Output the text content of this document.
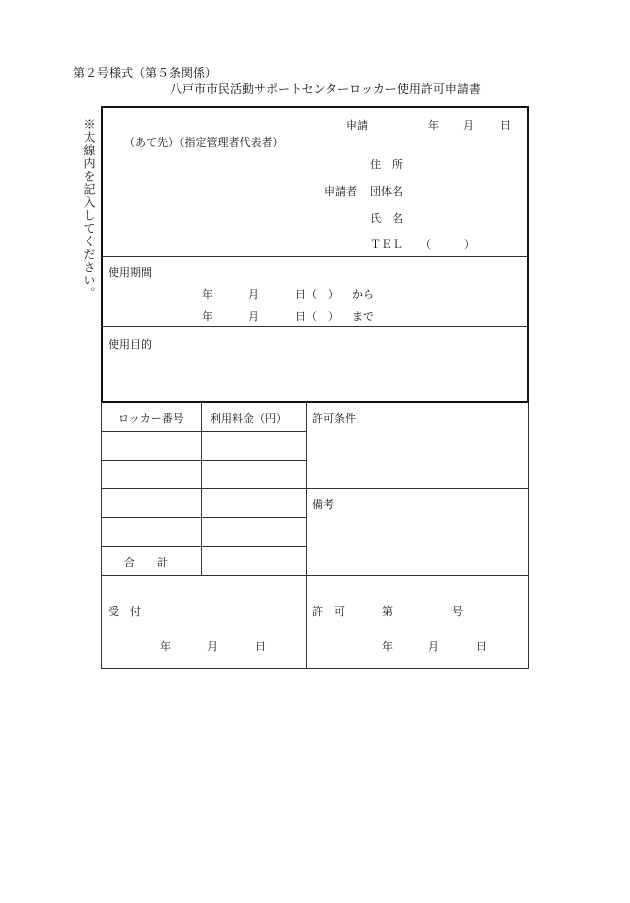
第２号様式（第５条関係）
八戸市市民活動サポートセンターロッカー使用許可申請書
※太線内を記入してください。	申請	年 月 日
（あて先）（指定管理者代表者）
住　所
申請者 団体名
氏　名
ＴＥＬ （　　　）
使用期間
年	月	日（　） から
年	月	日（　） まで
使用目的
ロッカー番号 利用料金（円） 許可条件
備考
合　　計
受　付
年	月	日
許　可	第	号
年	月	日
